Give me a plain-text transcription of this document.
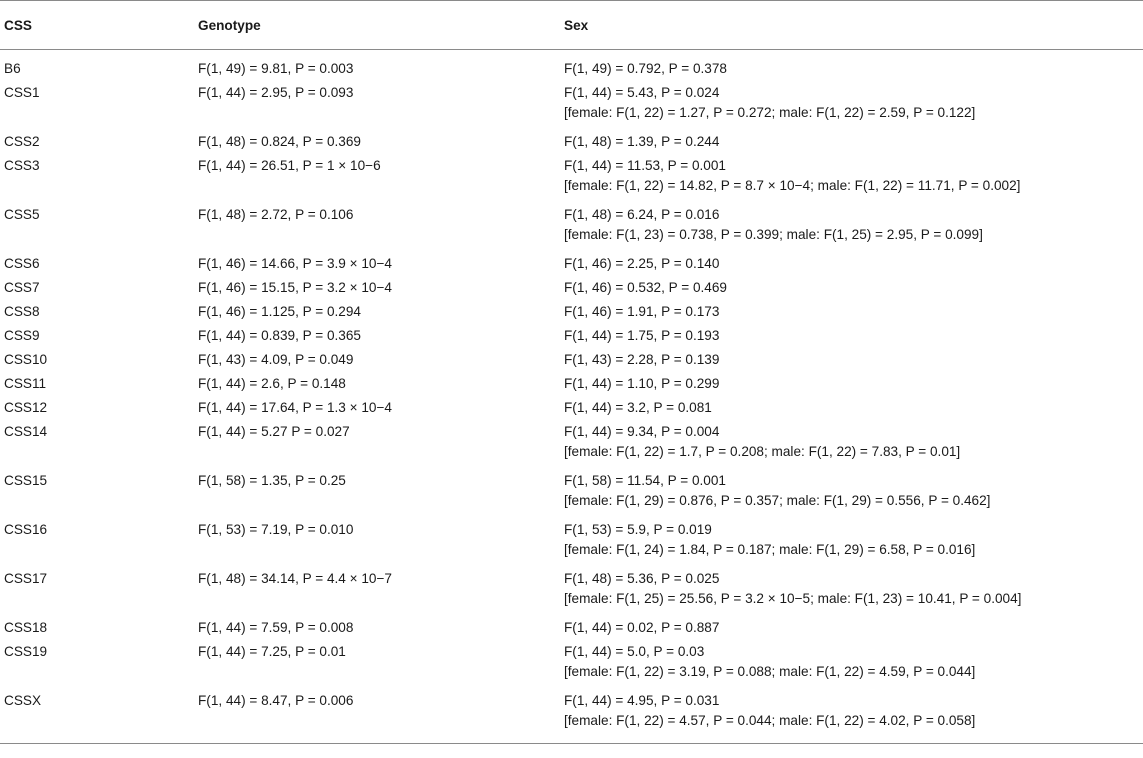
CSS	Genotype	Sex
B6	F(1, 49) = 9.81, P = 0.003	F(1, 49) = 0.792, P = 0.378
CSS1	F(1, 44) = 2.95, P = 0.093	F(1, 44) = 5.43, P = 0.024
[female: F(1, 22) = 1.27, P = 0.272; male: F(1, 22) = 2.59, P = 0.122]
CSS2	F(1, 48) = 0.824, P = 0.369	F(1, 48) = 1.39, P = 0.244
CSS3	F(1, 44) = 26.51, P = 1 × 10−6	F(1, 44) = 11.53, P = 0.001
[female: F(1, 22) = 14.82, P = 8.7 × 10−4; male: F(1, 22) = 11.71, P = 0.002]
CSS5	F(1, 48) = 2.72, P = 0.106	F(1, 48) = 6.24, P = 0.016
[female: F(1, 23) = 0.738, P = 0.399; male: F(1, 25) = 2.95, P = 0.099]
CSS6	F(1, 46) = 14.66, P = 3.9 × 10−4	F(1, 46) = 2.25, P = 0.140
CSS7	F(1, 46) = 15.15, P = 3.2 × 10−4	F(1, 46) = 0.532, P = 0.469
CSS8	F(1, 46) = 1.125, P = 0.294	F(1, 46) = 1.91, P = 0.173
CSS9	F(1, 44) = 0.839, P = 0.365	F(1, 44) = 1.75, P = 0.193
CSS10	F(1, 43) = 4.09, P = 0.049	F(1, 43) = 2.28, P = 0.139
CSS11	F(1, 44) = 2.6, P = 0.148	F(1, 44) = 1.10, P = 0.299
CSS12	F(1, 44) = 17.64, P = 1.3 × 10−4	F(1, 44) = 3.2, P = 0.081
CSS14	F(1, 44) = 5.27 P = 0.027	F(1, 44) = 9.34, P = 0.004
[female: F(1, 22) = 1.7, P = 0.208; male: F(1, 22) = 7.83, P = 0.01]
CSS15	F(1, 58) = 1.35, P = 0.25	F(1, 58) = 11.54, P = 0.001
[female: F(1, 29) = 0.876, P = 0.357; male: F(1, 29) = 0.556, P = 0.462]
CSS16	F(1, 53) = 7.19, P = 0.010	F(1, 53) = 5.9, P = 0.019
[female: F(1, 24) = 1.84, P = 0.187; male: F(1, 29) = 6.58, P = 0.016]
CSS17	F(1, 48) = 34.14, P = 4.4 × 10−7	F(1, 48) = 5.36, P = 0.025
[female: F(1, 25) = 25.56, P = 3.2 × 10−5; male: F(1, 23) = 10.41, P = 0.004]
CSS18	F(1, 44) = 7.59, P = 0.008	F(1, 44) = 0.02, P = 0.887
CSS19	F(1, 44) = 7.25, P = 0.01	F(1, 44) = 5.0, P = 0.03
[female: F(1, 22) = 3.19, P = 0.088; male: F(1, 22) = 4.59, P = 0.044]
CSSX	F(1, 44) = 8.47, P = 0.006	F(1, 44) = 4.95, P = 0.031
[female: F(1, 22) = 4.57, P = 0.044; male: F(1, 22) = 4.02, P = 0.058]
